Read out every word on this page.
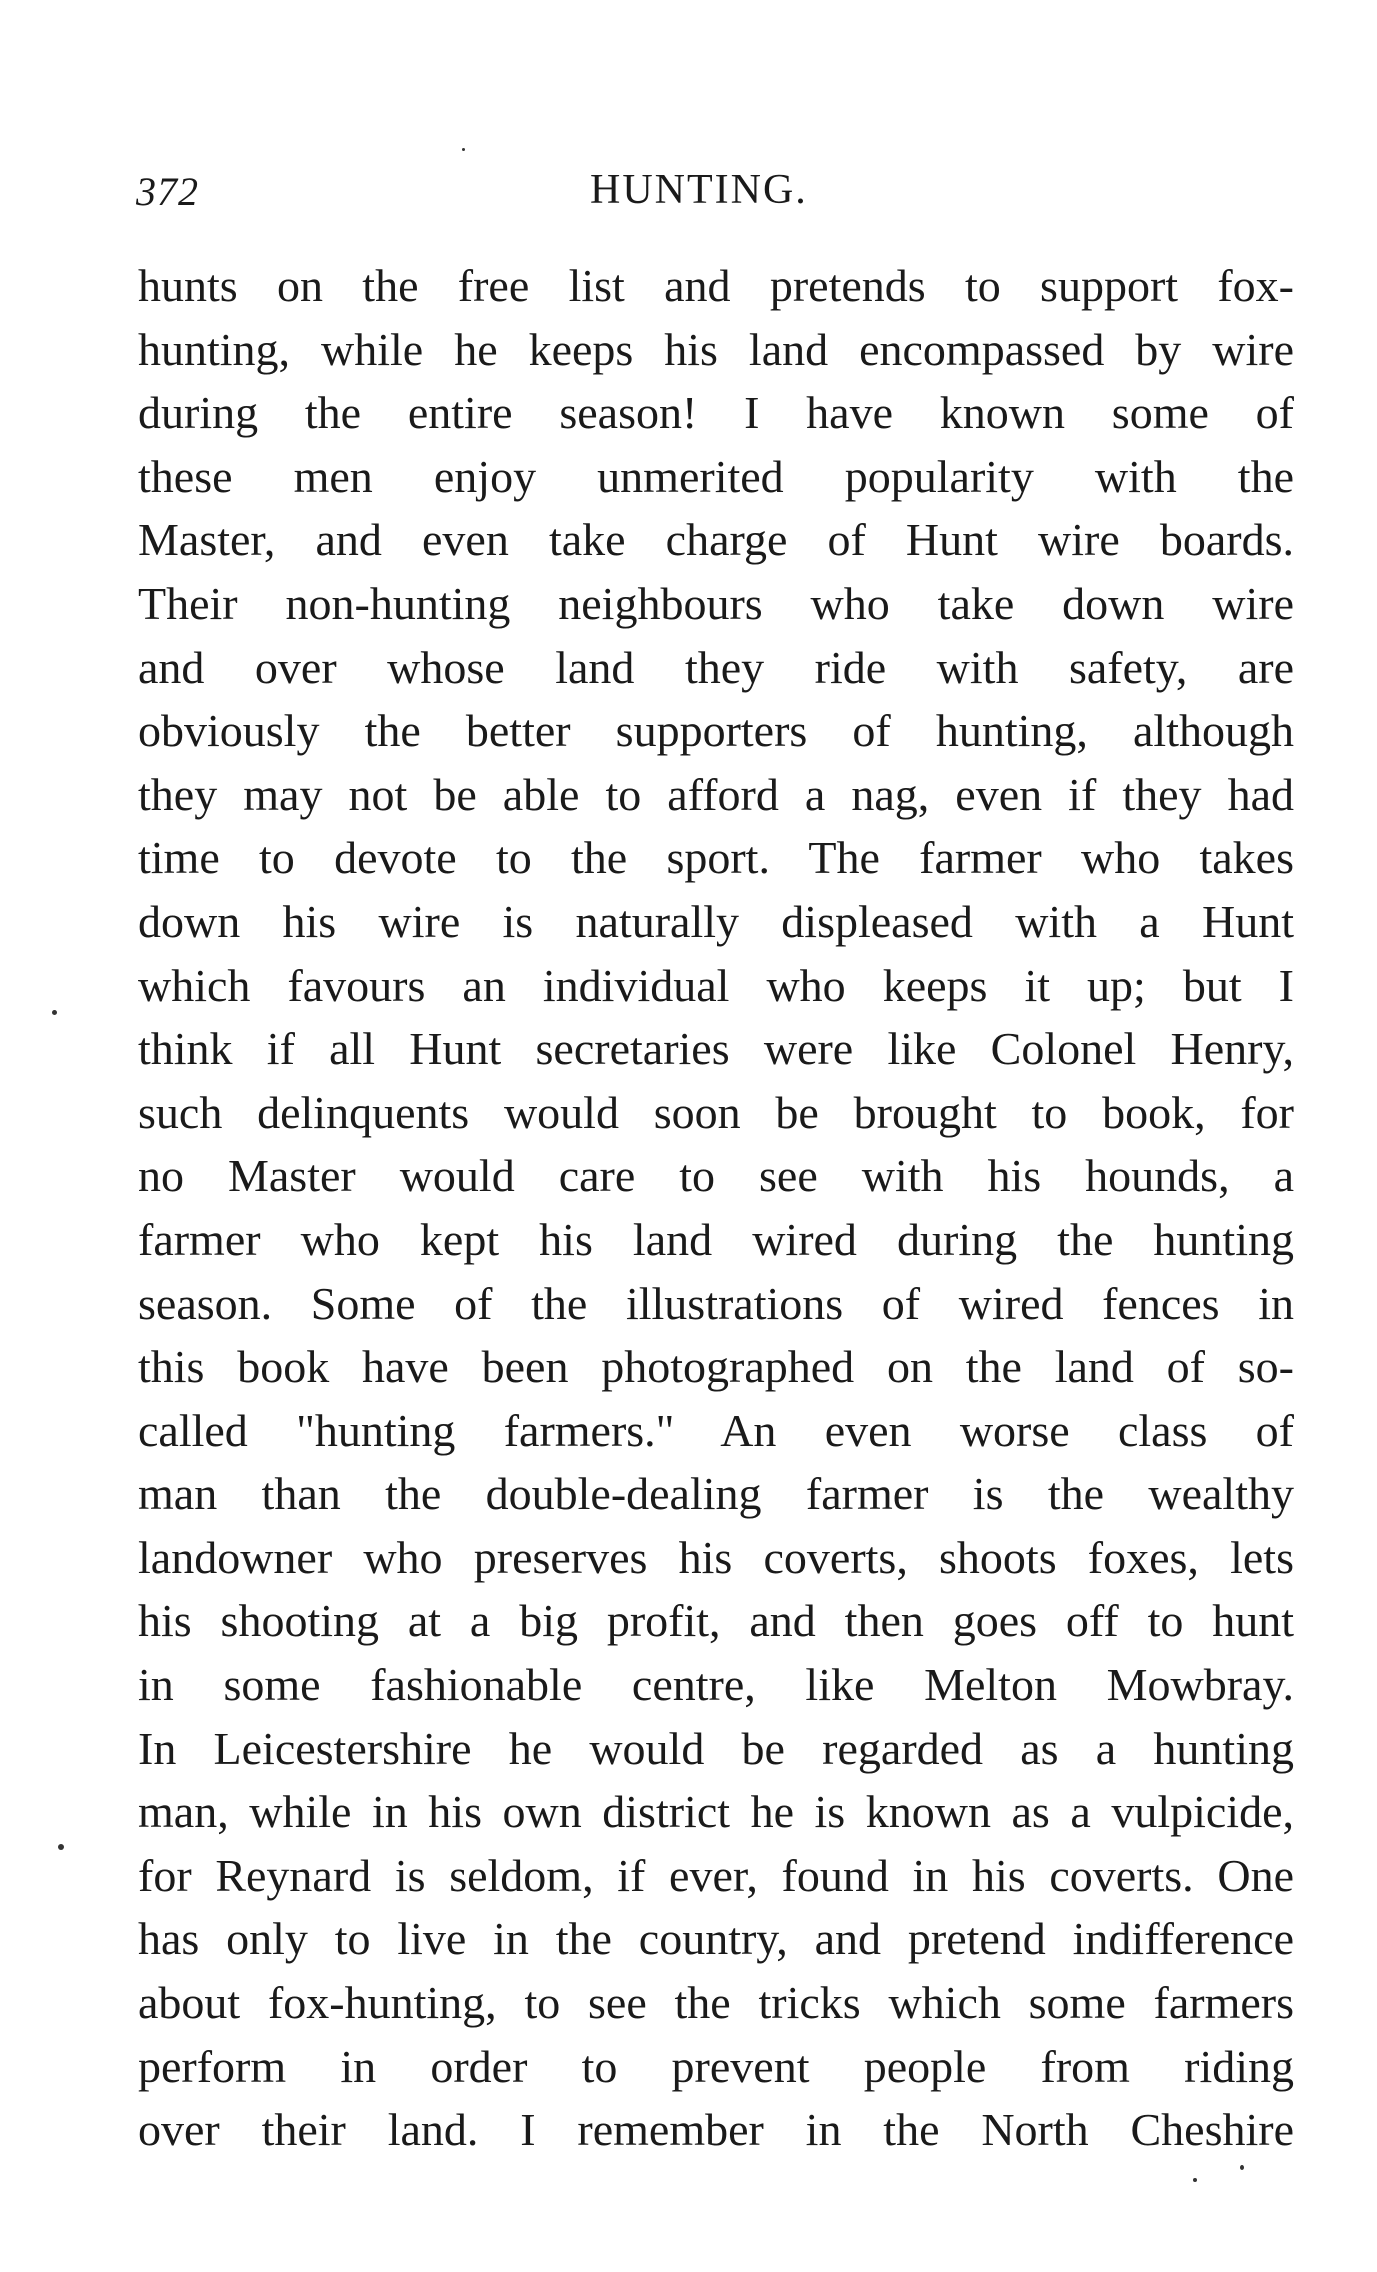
372	HUNTING.
hunts on the free list and pretends to support fox-
hunting, while he keeps his land encompassed by wire
during the entire season! I have known some of
these men enjoy unmerited popularity with the
Master, and even take charge of Hunt wire boards.
Their non-hunting neighbours who take down wire
and over whose land they ride with safety, are
obviously the better supporters of hunting, although
they may not be able to afford a nag, even if they had
time to devote to the sport. The farmer who takes
down his wire is naturally displeased with a Hunt
which favours an individual who keeps it up; but I
think if all Hunt secretaries were like Colonel Henry,
such delinquents would soon be brought to book, for
no Master would care to see with his hounds, a
farmer who kept his land wired during the hunting
season. Some of the illustrations of wired fences in
this book have been photographed on the land of so-
called "hunting farmers." An even worse class of
man than the double-dealing farmer is the wealthy
landowner who preserves his coverts, shoots foxes, lets
his shooting at a big profit, and then goes off to hunt
in some fashionable centre, like Melton Mowbray.
In Leicestershire he would be regarded as a hunting
man, while in his own district he is known as a vulpicide,
for Reynard is seldom, if ever, found in his coverts. One
has only to live in the country, and pretend indifference
about fox-hunting, to see the tricks which some farmers
perform in order to prevent people from riding
over their land. I remember in the North Cheshire
